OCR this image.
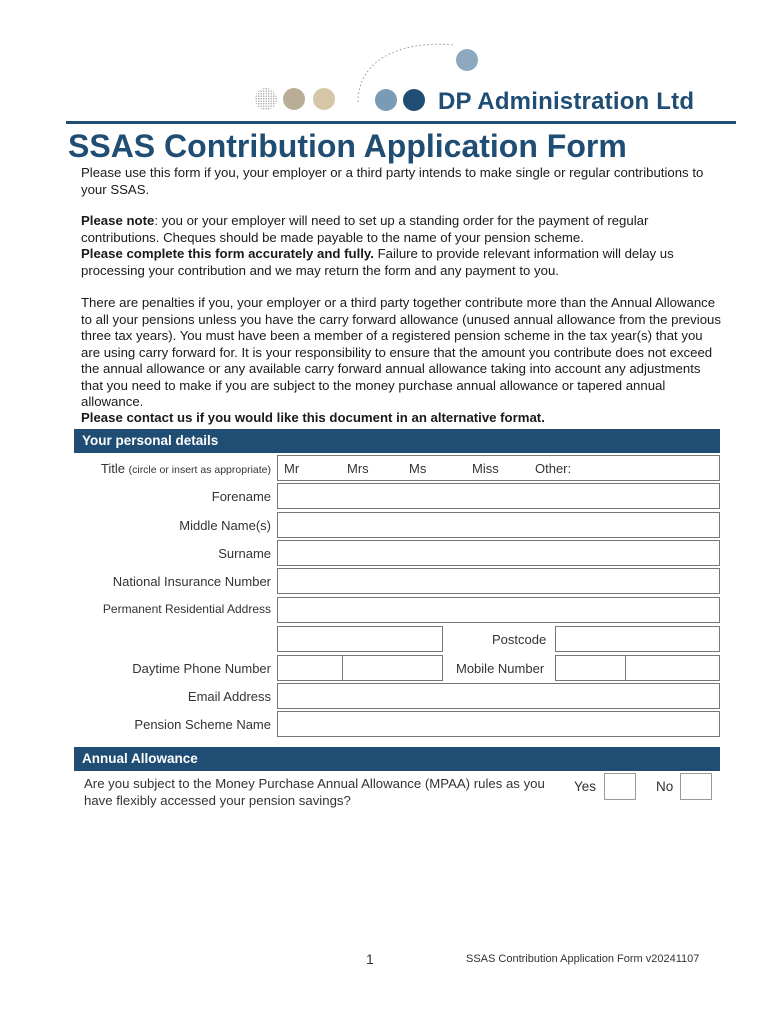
DP Administration Ltd
SSAS Contribution Application Form
Please use this form if you, your employer or a third party intends to make single or regular contributions to your SSAS.
Please note: you or your employer will need to set up a standing order for the payment of regular contributions. Cheques should be made payable to the name of your pension scheme.
Please complete this form accurately and fully. Failure to provide relevant information will delay us processing your contribution and we may return the form and any payment to you.
There are penalties if you, your employer or a third party together contribute more than the Annual Allowance to all your pensions unless you have the carry forward allowance (unused annual allowance from the previous three tax years). You must have been a member of a registered pension scheme in the tax year(s) that you are using carry forward for. It is your responsibility to ensure that the amount you contribute does not exceed the annual allowance or any available carry forward annual allowance taking into account any adjustments that you need to make if you are subject to the money purchase annual allowance or tapered annual allowance.
Please contact us if you would like this document in an alternative format.
Your personal details
Title (circle or insert as appropriate) Mr	Mrs	Ms	Miss	Other:
Forename
Middle Name(s)
Surname
National Insurance Number
Permanent Residential Address
Postcode
Daytime Phone Number	Mobile Number
Email Address
Pension Scheme Name
Annual Allowance
Are you subject to the Money Purchase Annual Allowance (MPAA) rules as you have flexibly accessed your pension savings?
Yes	No
1	SSAS Contribution Application Form v20241107
